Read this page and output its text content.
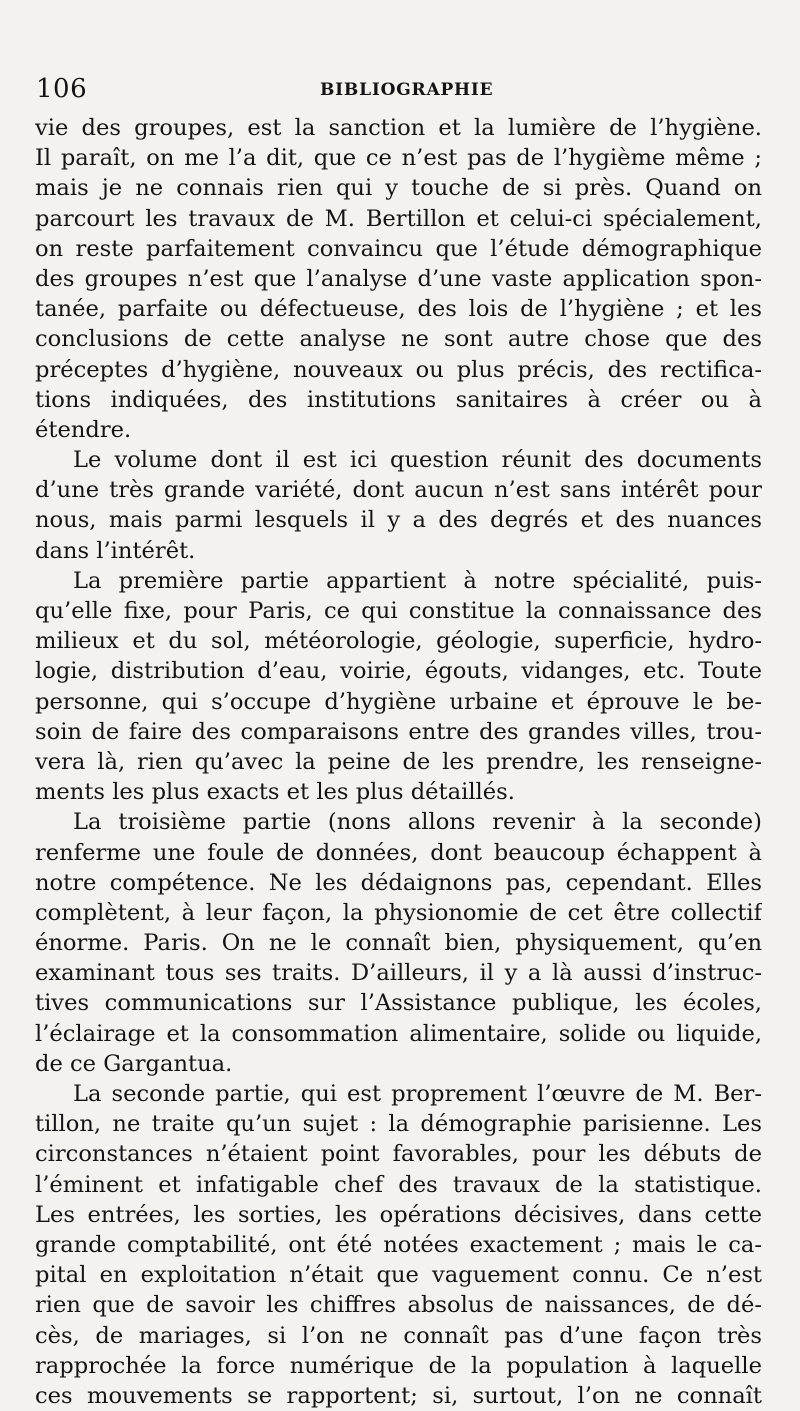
106	BIBLIOGRAPHIE
vie des groupes, est la sanction et la lumière de l’hygiène.
Il paraît, on me l’a dit, que ce n’est pas de l’hygième même ;
mais je ne connais rien qui y touche de si près. Quand on
parcourt les travaux de M. Bertillon et celui-ci spécialement,
on reste parfaitement convaincu que l’étude démographique
des groupes n’est que l’analyse d’une vaste application spon-
tanée, parfaite ou défectueuse, des lois de l’hygiène ; et les
conclusions de cette analyse ne sont autre chose que des
préceptes d’hygiène, nouveaux ou plus précis, des rectifica-
tions indiquées, des institutions sanitaires à créer ou à
étendre.
Le volume dont il est ici question réunit des documents
d’une très grande variété, dont aucun n’est sans intérêt pour
nous, mais parmi lesquels il y a des degrés et des nuances
dans l’intérêt.
La première partie appartient à notre spécialité, puis-
qu’elle fixe, pour Paris, ce qui constitue la connaissance des
milieux et du sol, météorologie, géologie, superficie, hydro-
logie, distribution d’eau, voirie, égouts, vidanges, etc. Toute
personne, qui s’occupe d’hygiène urbaine et éprouve le be-
soin de faire des comparaisons entre des grandes villes, trou-
vera là, rien qu’avec la peine de les prendre, les renseigne-
ments les plus exacts et les plus détaillés.
La troisième partie (nons allons revenir à la seconde)
renferme une foule de données, dont beaucoup échappent à
notre compétence. Ne les dédaignons pas, cependant. Elles
complètent, à leur façon, la physionomie de cet être collectif
énorme. Paris. On ne le connaît bien, physiquement, qu’en
examinant tous ses traits. D’ailleurs, il y a là aussi d’instruc-
tives communications sur l’Assistance publique, les écoles,
l’éclairage et la consommation alimentaire, solide ou liquide,
de ce Gargantua.
La seconde partie, qui est proprement l’œuvre de M. Ber-
tillon, ne traite qu’un sujet : la démographie parisienne. Les
circonstances n’étaient point favorables, pour les débuts de
l’éminent et infatigable chef des travaux de la statistique.
Les entrées, les sorties, les opérations décisives, dans cette
grande comptabilité, ont été notées exactement ; mais le ca-
pital en exploitation n’était que vaguement connu. Ce n’est
rien que de savoir les chiffres absolus de naissances, de dé-
cès, de mariages, si l’on ne connaît pas d’une façon très
rapprochée la force numérique de la population à laquelle
ces mouvements se rapportent; si, surtout, l’on ne connaît
